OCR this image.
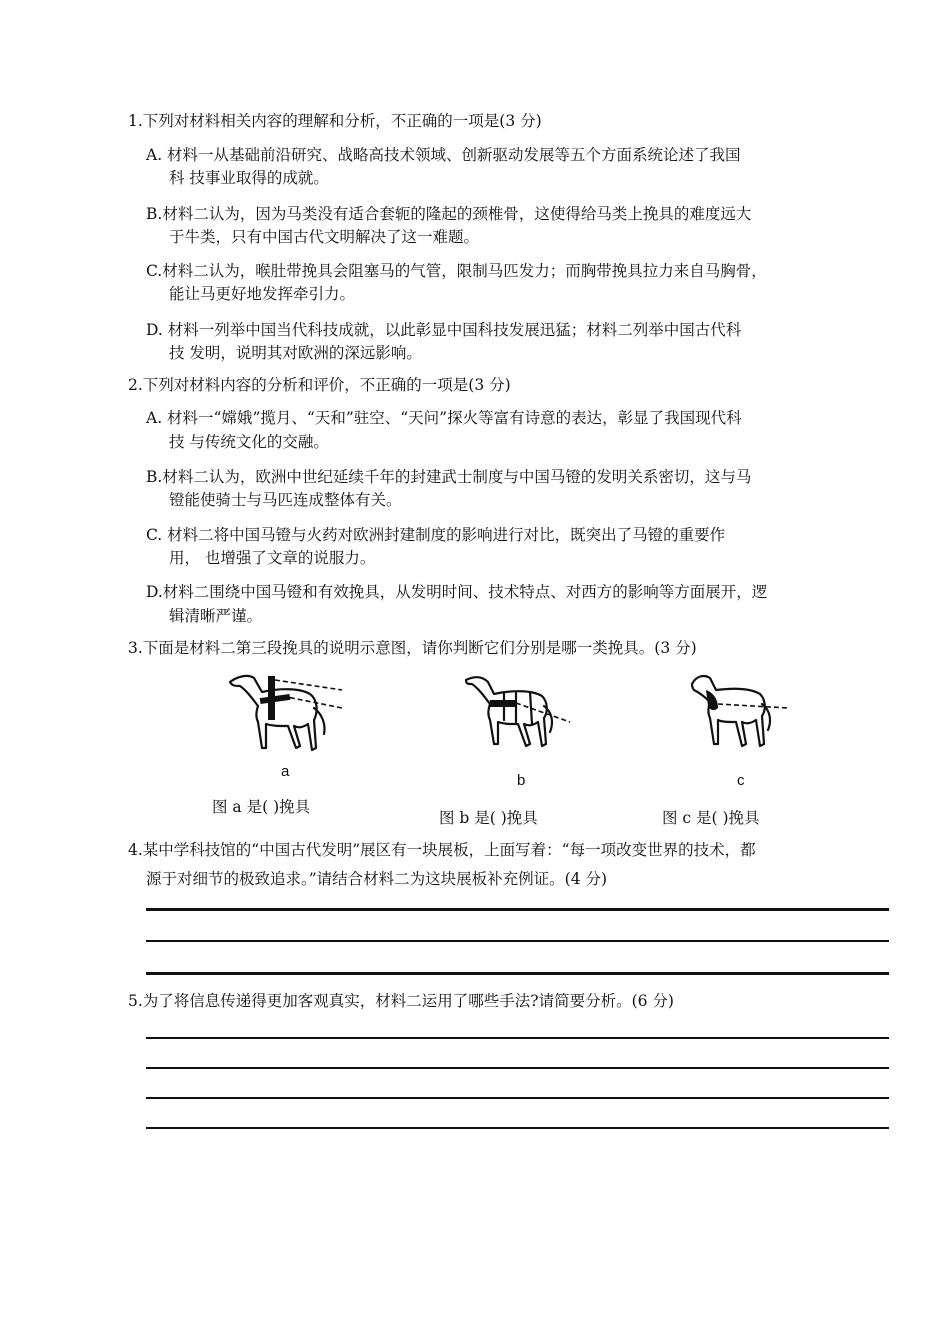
1.下列对材料相关内容的理解和分析，不正确的一项是(3 分)
A. 材料一从基础前沿研究、战略高技术领域、创新驱动发展等五个方面系统论述了我国
科 技事业取得的成就。
B.材料二认为，因为马类没有适合套轭的隆起的颈椎骨，这使得给马类上挽具的难度远大
于牛类，只有中国古代文明解决了这一难题。
C.材料二认为，喉肚带挽具会阻塞马的气管，限制马匹发力；而胸带挽具拉力来自马胸骨，
能让马更好地发挥牵引力。
D. 材料一列举中国当代科技成就，以此彰显中国科技发展迅猛；材料二列举中国古代科
技 发明，说明其对欧洲的深远影响。
2.下列对材料内容的分析和评价，不正确的一项是(3 分)
A. 材料一“嫦娥”揽月、“天和”驻空、“天问”探火等富有诗意的表达，彰显了我国现代科
技 与传统文化的交融。
B.材料二认为，欧洲中世纪延续千年的封建武士制度与中国马镫的发明关系密切，这与马
镫能使骑士与马匹连成整体有关。
C. 材料二将中国马镫与火药对欧洲封建制度的影响进行对比，既突出了马镫的重要作
用， 也增强了文章的说服力。
D.材料二围绕中国马镫和有效挽具，从发明时间、技术特点、对西方的影响等方面展开，逻
辑清晰严谨。
3.下面是材料二第三段挽具的说明示意图，请你判断它们分别是哪一类挽具。(3 分)
a
图 a 是( )挽具
b
图 b 是( )挽具
c
图 c 是( )挽具
4.某中学科技馆的“中国古代发明”展区有一块展板，上面写着：“每一项改变世界的技术，都
源于对细节的极致追求。”请结合材料二为这块展板补充例证。(4 分)
5.为了将信息传递得更加客观真实，材料二运用了哪些手法?请简要分析。(6 分)
